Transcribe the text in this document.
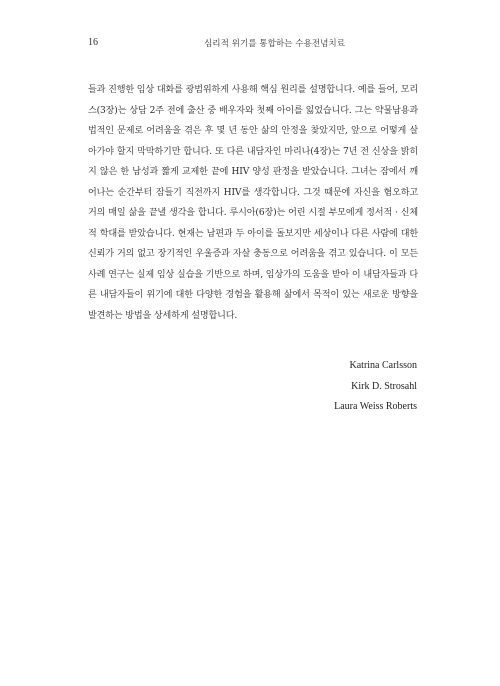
16	심리적 위기를 통합하는 수용전념치료

들과 진행한 임상 대화를 광범위하게 사용해 핵심 원리를 설명합니다. 예를 들어, 모리스(3장)는 상담 2주 전에 출산 중 배우자와 첫째 아이를 잃었습니다. 그는 약물남용과 법적인 문제로 어려움을 겪은 후 몇 년 동안 삶의 안정을 찾았지만, 앞으로 어떻게 살아가야 할지 막막하기만 합니다. 또 다른 내담자인 마리나(4장)는 7년 전 신상을 밝히지 않은 한 남성과 짧게 교제한 끝에 HIV 양성 판정을 받았습니다. 그녀는 잠에서 깨어나는 순간부터 잠들기 직전까지 HIV를 생각합니다. 그것 때문에 자신을 혐오하고 거의 매일 삶을 끝낼 생각을 합니다. 루시아(6장)는 어린 시절 부모에게 정서적 · 신체적 학대를 받았습니다. 현재는 남편과 두 아이를 돌보지만 세상이나 다른 사람에 대한 신뢰가 거의 없고 장기적인 우울증과 자살 충동으로 어려움을 겪고 있습니다. 이 모든 사례 연구는 실제 임상 실습을 기반으로 하며, 임상가의 도움을 받아 이 내담자들과 다른 내담자들이 위기에 대한 다양한 경험을 활용해 삶에서 목적이 있는 새로운 방향을 발견하는 방법을 상세하게 설명합니다.

Katrina Carlsson
Kirk D. Strosahl
Laura Weiss Roberts
